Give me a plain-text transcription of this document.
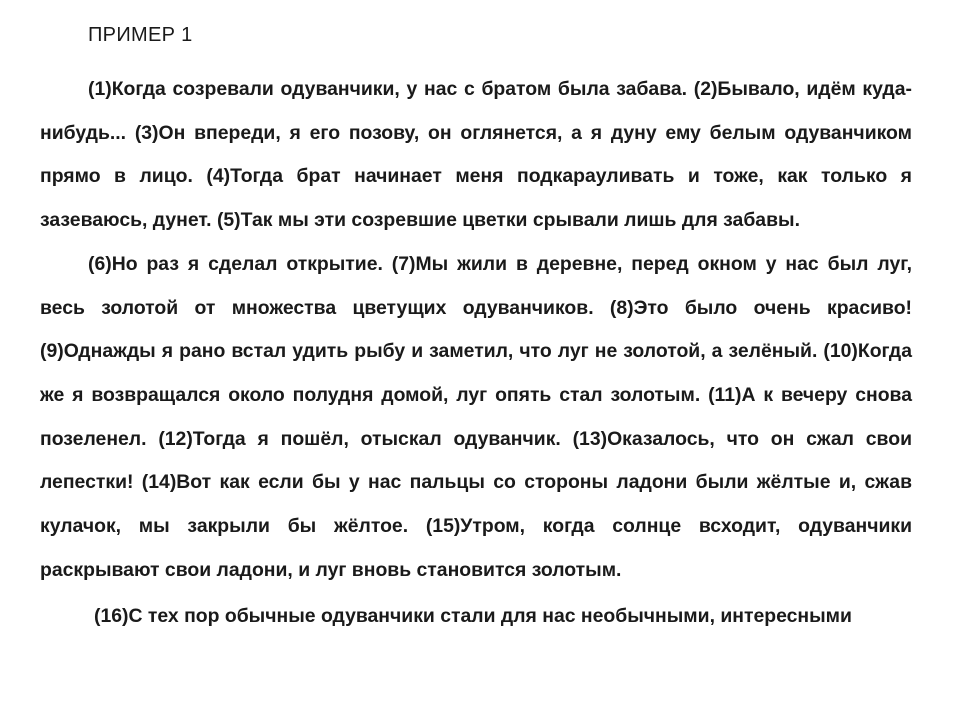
ПРИМЕР 1

(1)Когда созревали одуванчики, у нас с братом была забава. (2)Бывало, идём куда-нибудь... (3)Он впереди, я его позову, он оглянется, а я дуну ему белым одуванчиком прямо в лицо. (4)Тогда брат начинает меня подкарауливать и тоже, как только я зазеваюсь, дунет. (5)Так мы эти созревшие цветки срывали лишь для забавы.

(6)Но раз я сделал открытие. (7)Мы жили в деревне, перед окном у нас был луг, весь золотой от множества цветущих одуванчиков. (8)Это было очень красиво! (9)Однажды я рано встал удить рыбу и заметил, что луг не золотой, а зелёный. (10)Когда же я возвращался около полудня домой, луг опять стал золотым. (11)А к вечеру снова позеленел. (12)Тогда я пошёл, отыскал одуванчик. (13)Оказалось, что он сжал свои лепестки! (14)Вот как если бы у нас пальцы со стороны ладони были жёлтые и, сжав кулачок, мы закрыли бы жёлтое. (15)Утром, когда солнце всходит, одуванчики раскрывают свои ладони, и луг вновь становится золотым.

(16)С тех пор обычные одуванчики стали для нас необычными, интересными
